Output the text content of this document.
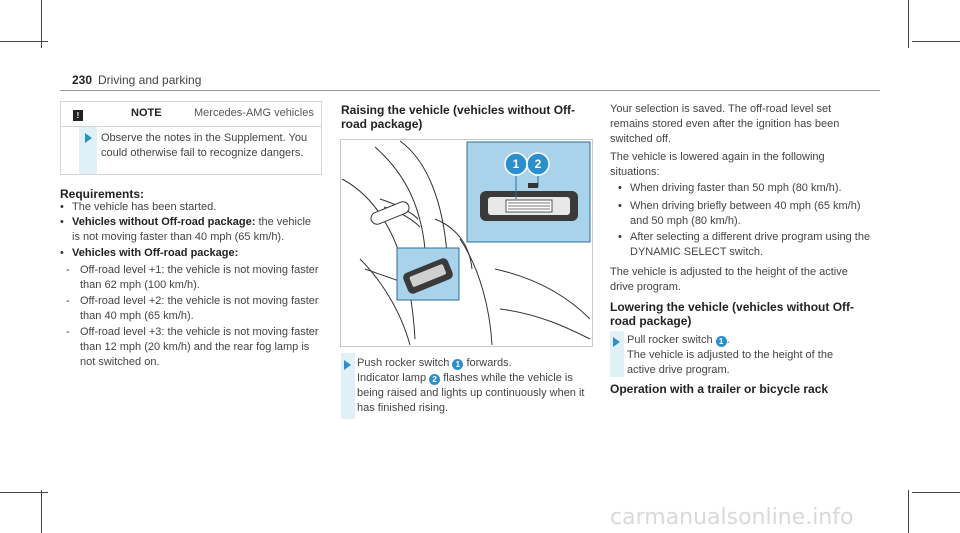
230 Driving and parking
!	NOTE	Mercedes-AMG vehicles
Observe the notes in the Supplement. You could otherwise fail to recognize dangers.
Requirements:
• The vehicle has been started.
• Vehicles without Off-road package: the vehicle is not moving faster than 40 mph (65 km/h).
• Vehicles with Off-road package:
- Off-road level +1: the vehicle is not moving faster than 62 mph (100 km/h).
- Off-road level +2: the vehicle is not moving faster than 40 mph (65 km/h).
- Off-road level +3: the vehicle is not moving faster than 12 mph (20 km/h) and the rear fog lamp is not switched on.
Raising the vehicle (vehicles without Off-road package)
1 2
Push rocker switch 1 forwards.
Indicator lamp 2 flashes while the vehicle is being raised and lights up continuously when it has finished rising.
Your selection is saved. The off-road level set remains stored even after the ignition has been switched off.
The vehicle is lowered again in the following situations:
• When driving faster than 50 mph (80 km/h).
• When driving briefly between 40 mph (65 km/h) and 50 mph (80 km/h).
• After selecting a different drive program using the DYNAMIC SELECT switch.
The vehicle is adjusted to the height of the active drive program.
Lowering the vehicle (vehicles without Off-road package)
Pull rocker switch 1 .
The vehicle is adjusted to the height of the active drive program.
Operation with a trailer or bicycle rack
carmanualsonline.info
